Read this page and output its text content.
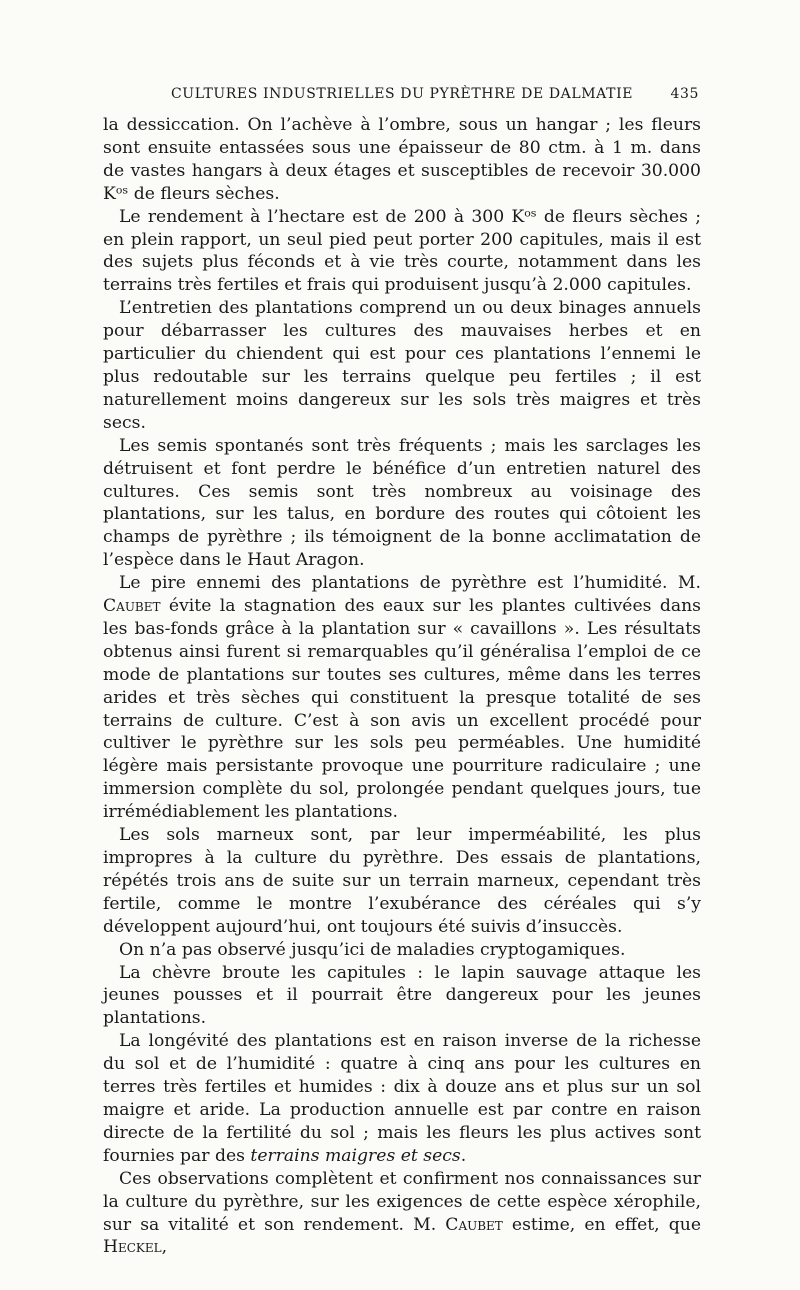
CULTURES INDUSTRIELLES DU PYRÈTHRE DE DALMATIE	435

la dessiccation. On l’achève à l’ombre, sous un hangar ; les fleurs sont ensuite entassées sous une épaisseur de 80 ctm. à 1 m. dans de vastes hangars à deux étages et susceptibles de recevoir 30.000 Kᵒˢ de fleurs sèches.

Le rendement à l’hectare est de 200 à 300 Kᵒˢ de fleurs sèches ; en plein rapport, un seul pied peut porter 200 capitules, mais il est des sujets plus féconds et à vie très courte, notamment dans les terrains très fertiles et frais qui produisent jusqu’à 2.000 capitules.

L’entretien des plantations comprend un ou deux binages annuels pour débarrasser les cultures des mauvaises herbes et en particulier du chiendent qui est pour ces plantations l’ennemi le plus redoutable sur les terrains quelque peu fertiles ; il est naturellement moins dangereux sur les sols très maigres et très secs.

Les semis spontanés sont très fréquents ; mais les sarclages les détruisent et font perdre le bénéfice d’un entretien naturel des cultures. Ces semis sont très nombreux au voisinage des plantations, sur les talus, en bordure des routes qui côtoient les champs de pyrèthre ; ils témoignent de la bonne acclimatation de l’espèce dans le Haut Aragon.

Le pire ennemi des plantations de pyrèthre est l’humidité. M. Caubet évite la stagnation des eaux sur les plantes cultivées dans les bas-fonds grâce à la plantation sur « cavaillons ». Les résultats obtenus ainsi furent si remarquables qu’il généralisa l’emploi de ce mode de plantations sur toutes ses cultures, même dans les terres arides et très sèches qui constituent la presque totalité de ses terrains de culture. C’est à son avis un excellent procédé pour cultiver le pyrèthre sur les sols peu perméables. Une humidité légère mais persistante provoque une pourriture radiculaire ; une immersion complète du sol, prolongée pendant quelques jours, tue irrémédiablement les plantations.

Les sols marneux sont, par leur imperméabilité, les plus impropres à la culture du pyrèthre. Des essais de plantations, répétés trois ans de suite sur un terrain marneux, cependant très fertile, comme le montre l’exubérance des céréales qui s’y développent aujourd’hui, ont toujours été suivis d’insuccès.

On n’a pas observé jusqu’ici de maladies cryptogamiques.

La chèvre broute les capitules : le lapin sauvage attaque les jeunes pousses et il pourrait être dangereux pour les jeunes plantations.

La longévité des plantations est en raison inverse de la richesse du sol et de l’humidité : quatre à cinq ans pour les cultures en terres très fertiles et humides : dix à douze ans et plus sur un sol maigre et aride. La production annuelle est par contre en raison directe de la fertilité du sol ; mais les fleurs les plus actives sont fournies par des terrains maigres et secs.

Ces observations complètent et confirment nos connaissances sur la culture du pyrèthre, sur les exigences de cette espèce xérophile, sur sa vitalité et son rendement. M. Caubet estime, en effet, que Heckel,
